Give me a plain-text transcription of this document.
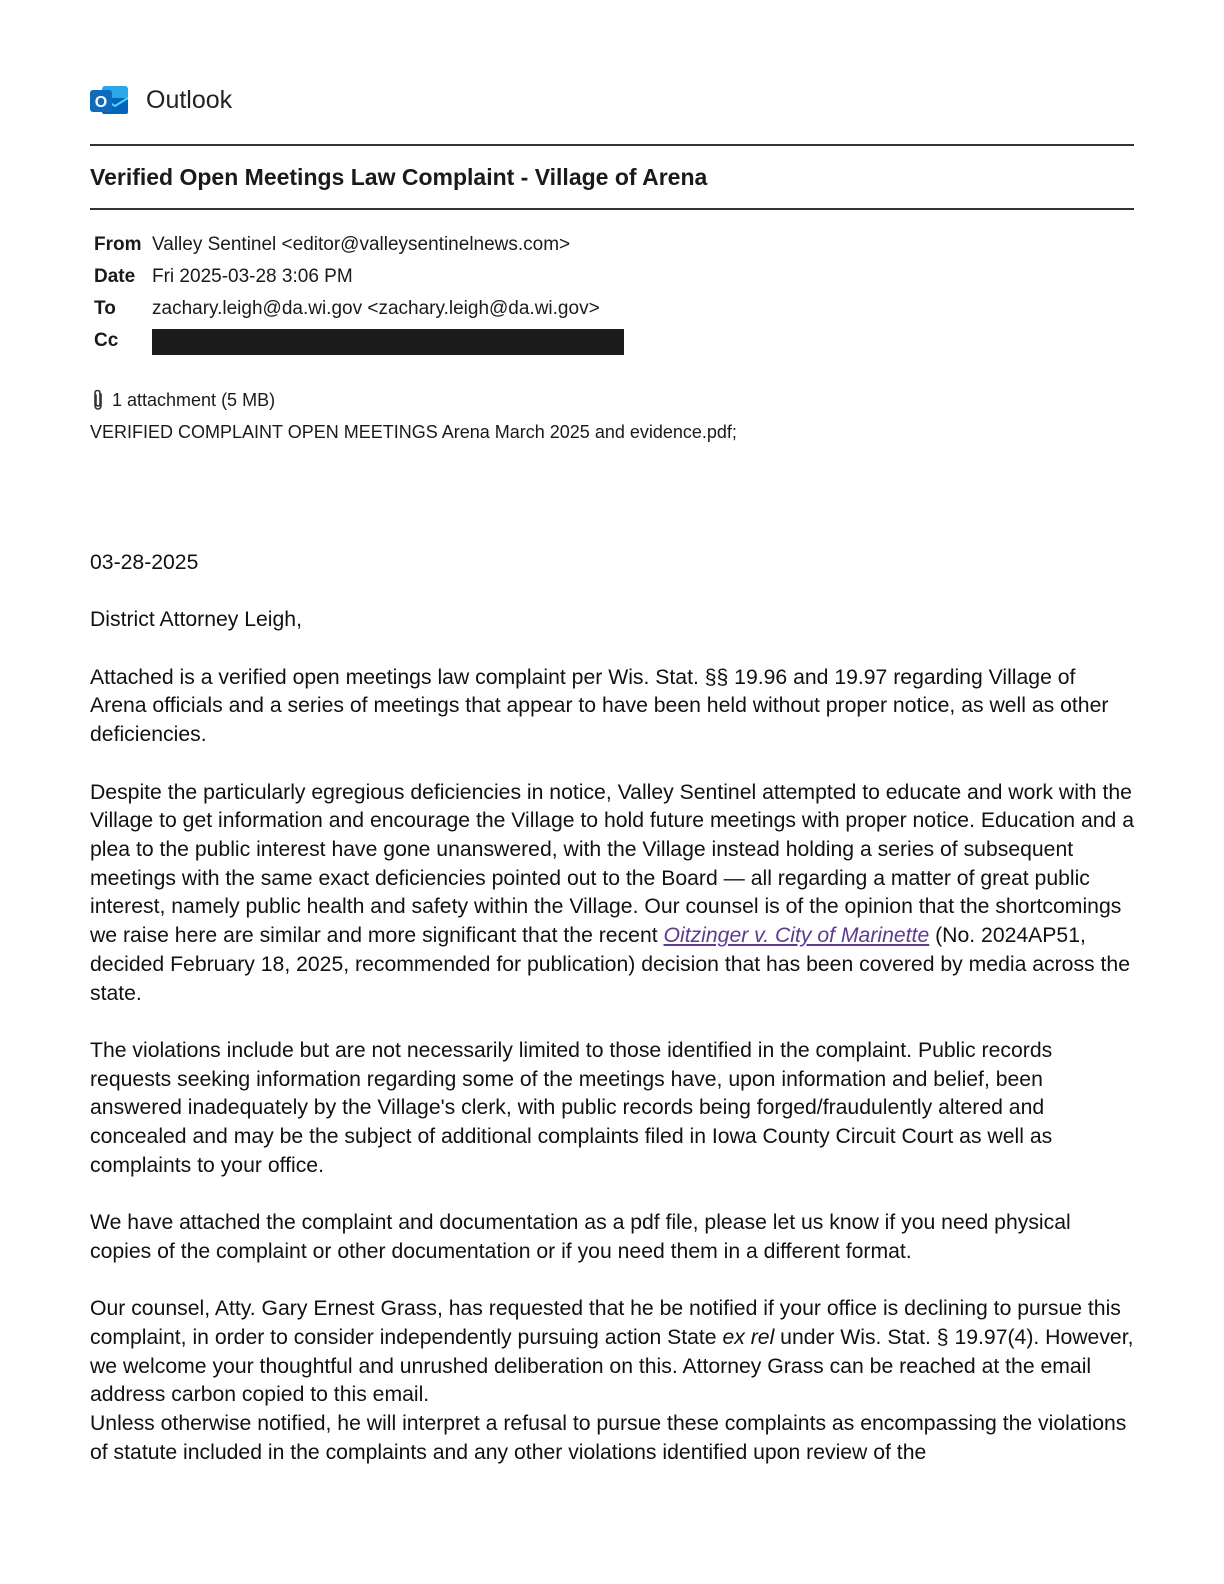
O Outlook
Verified Open Meetings Law Complaint - Village of Arena
From Valley Sentinel <editor@valleysentinelnews.com>
Date Fri 2025-03-28 3:06 PM
To	zachary.leigh@da.wi.gov <zachary.leigh@da.wi.gov>
Cc
1 attachment (5 MB)
VERIFIED COMPLAINT OPEN MEETINGS Arena March 2025 and evidence.pdf;

03-28-2025

District Attorney Leigh,

Attached is a verified open meetings law complaint per Wis. Stat. §§ 19.96 and 19.97 regarding Village of Arena officials and a series of meetings that appear to have been held without proper notice, as well as other deficiencies.

Despite the particularly egregious deficiencies in notice, Valley Sentinel attempted to educate and work with the Village to get information and encourage the Village to hold future meetings with proper notice. Education and a plea to the public interest have gone unanswered, with the Village instead holding a series of subsequent meetings with the same exact deficiencies pointed out to the Board — all regarding a matter of great public interest, namely public health and safety within the Village. Our counsel is of the opinion that the shortcomings we raise here are similar and more significant that the recent Oitzinger v. City of Marinette (No. 2024AP51, decided February 18, 2025, recommended for publication) decision that has been covered by media across the state.

The violations include but are not necessarily limited to those identified in the complaint. Public records requests seeking information regarding some of the meetings have, upon information and belief, been answered inadequately by the Village's clerk, with public records being forged/fraudulently altered and concealed and may be the subject of additional complaints filed in Iowa County Circuit Court as well as complaints to your office.

We have attached the complaint and documentation as a pdf file, please let us know if you need physical copies of the complaint or other documentation or if you need them in a different format.

Our counsel, Atty. Gary Ernest Grass, has requested that he be notified if your office is declining to pursue this complaint, in order to consider independently pursuing action State ex rel under Wis. Stat. § 19.97(4). However, we welcome your thoughtful and unrushed deliberation on this. Attorney Grass can be reached at the email address carbon copied to this email.

Unless otherwise notified, he will interpret a refusal to pursue these complaints as encompassing the violations of statute included in the complaints and any other violations identified upon review of the
